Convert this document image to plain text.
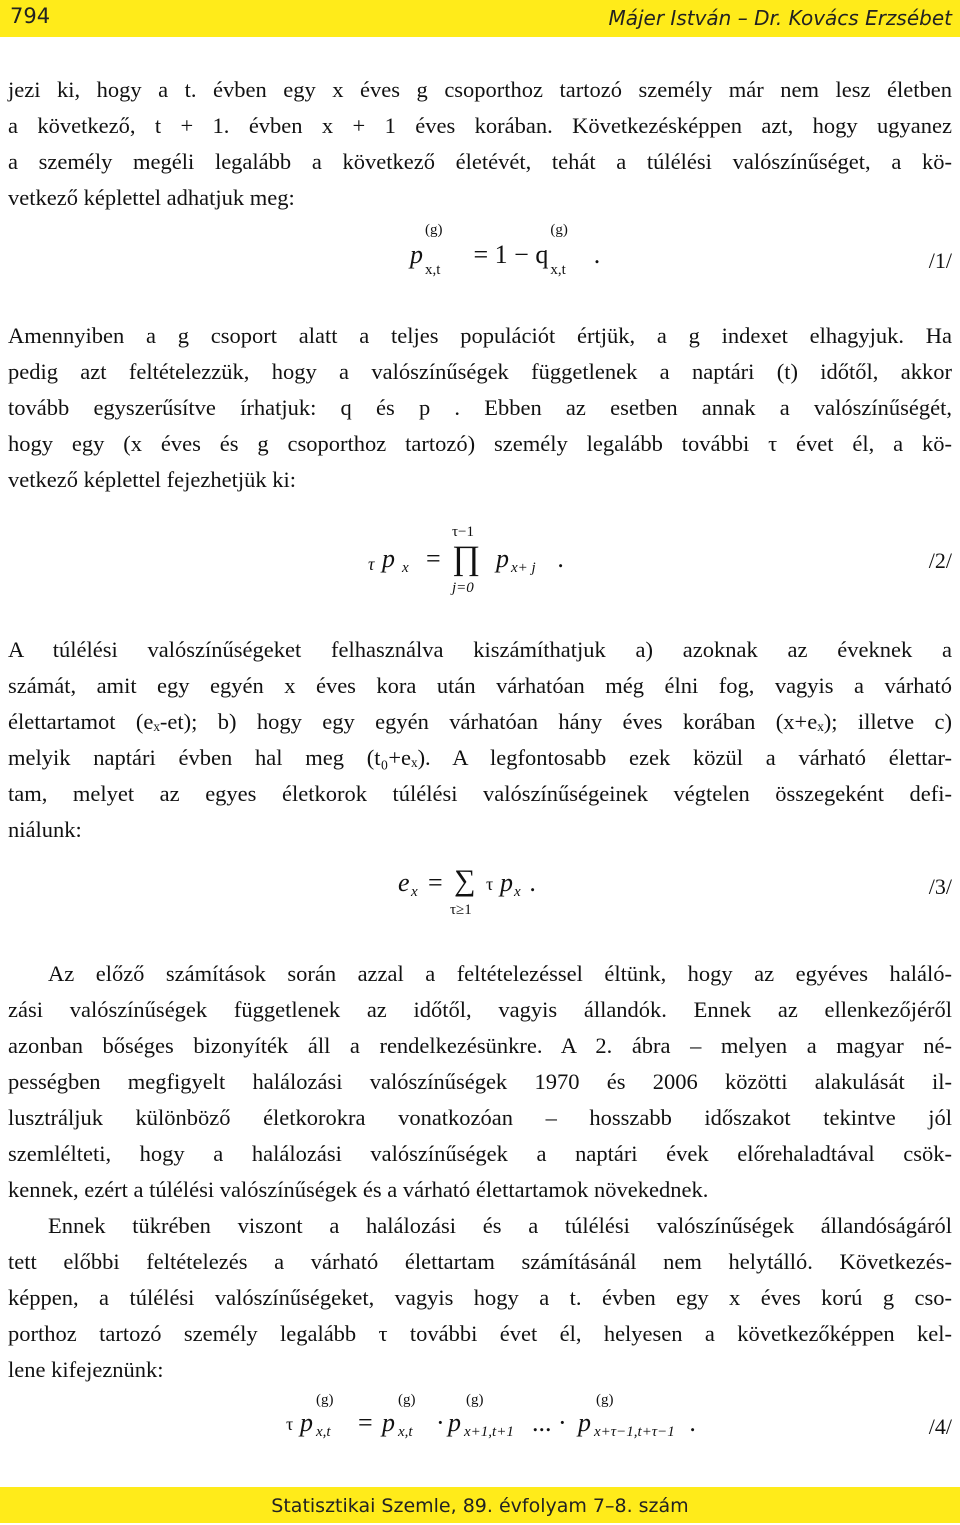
794	Májer István – Dr. Kovács Erzsébet
jezi ki, hogy a t. évben egy x éves g csoporthoz tartozó személy már nem lesz életben
a következő, t + 1. évben x + 1 éves korában. Következésképpen azt, hogy ugyanez
a személy megéli legalább a következő életévét, tehát a túlélési valószínűséget, a kö-
vetkező képlettel adhatjuk meg:
p
(g)
x,t
= 1 − q
(g)
x,t
.	/1/
Amennyiben a g csoport alatt a teljes populációt értjük, a g indexet elhagyjuk. Ha
pedig azt feltételezzük, hogy a valószínűségek függetlenek a naptári (t) időtől, akkor
tovább egyszerűsítve írhatjuk: q és p . Ebben az esetben annak a valószínűségét,
hogy egy (x éves és g csoporthoz tartozó) személy legalább további τ évet él, a kö-
vetkező képlettel fejezhetjük ki:
τ p x =
τ−1
∏
j=0
p x+ j .	/2/
A túlélési valószínűségeket felhasználva kiszámíthatjuk a) azoknak az éveknek a
számát, amit egy egyén x éves kora után várhatóan még élni fog, vagyis a várható
élettartamot (eₓ-et); b) hogy egy egyén várhatóan hány éves korában (x+eₓ); illetve c)
melyik naptári évben hal meg (t₀+eₓ). A legfontosabb ezek közül a várható élettar-
tam, melyet az egyes életkorok túlélési valószínűségeinek végtelen összegeként defi-
niálunk:
e x = ∑
τ≥1
τ p x .	/3/
Az előző számítások során azzal a feltételezéssel éltünk, hogy az egyéves haláló-
zási valószínűségek függetlenek az időtől, vagyis állandók. Ennek az ellenkezőjéről
azonban bőséges bizonyíték áll a rendelkezésünkre. A 2. ábra – melyen a magyar né-
pességben megfigyelt halálozási valószínűségek 1970 és 2006 közötti alakulását il-
lusztráljuk különböző életkorokra vonatkozóan – hosszabb időszakot tekintve jól
szemlélteti, hogy a halálozási valószínűségek a naptári évek előrehaladtával csök-
kennek, ezért a túlélési valószínűségek és a várható élettartamok növekednek.
Ennek tükrében viszont a halálozási és a túlélési valószínűségek állandóságáról
tett előbbi feltételezés a várható élettartam számításánál nem helytálló. Következés-
képpen, a túlélési valószínűségeket, vagyis hogy a t. évben egy x éves korú g cso-
porthoz tartozó személy legalább τ további évet él, helyesen a következőképpen kel-
lene kifejeznünk:
τ p
(g)
x,t = p
(g)
x,t · p
(g)
x+1,t+1 ... · p
(g)
x+τ−1,t+τ−1 .	/4/
Statisztikai Szemle, 89. évfolyam 7–8. szám
